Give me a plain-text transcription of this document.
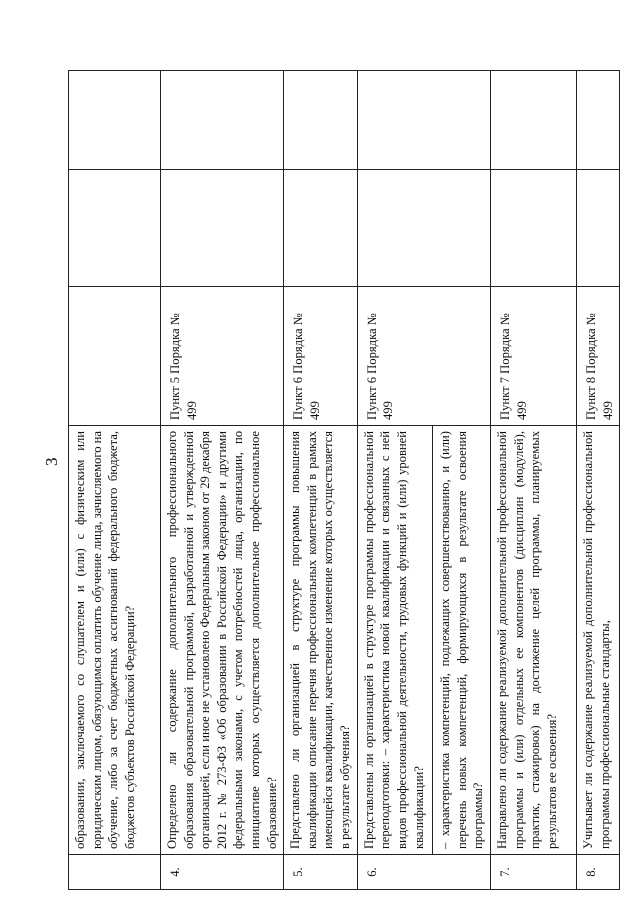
3
	образовании, заключаемого со слушателем и (или) с физическим или юридическим лицом, обязующимся оплатить обучение лица, зачисляемого на обучение, либо за счет бюджетных ассигнований федерального бюджета, бюджетов субъектов Российской Федерации?			
4.	Определено ли содержание дополнительного профессионального образования образовательной программой, разработанной и утвержденной организацией, если иное не установлено Федеральным законом от 29 декабря 2012 г. № 273-ФЗ «Об образовании в Российской Федерации» и другими федеральными законами, с учетом потребностей лица, организации, по инициативе которых осуществляется дополнительное профессиональное образование?	Пункт 5 Порядка № 499		
5.	Представлено ли организацией в структуре программы повышения квалификации описание перечня профессиональных компетенций в рамках имеющейся квалификации, качественное изменение которых осуществляется в результате обучения?	Пункт 6 Порядка № 499		
6.	Представлены ли организацией в структуре программы профессиональной переподготовки: – характеристика новой квалификации и связанных с ней видов профессиональной деятельности, трудовых функций и (или) уровней квалификации? – характеристика компетенций, подлежащих совершенствованию, и (или) перечень новых компетенций, формирующихся в результате освоения программы?	Пункт 6 Порядка № 499		
7.	Направлено ли содержание реализуемой дополнительной профессиональной программы и (или) отдельных ее компонентов (дисциплин (модулей), практик, стажировок) на достижение целей программы, планируемых результатов ее освоения?	Пункт 7 Порядка № 499		
8.	Учитывает ли содержание реализуемой дополнительной профессиональной программы профессиональные стандарты,	Пункт 8 Порядка № 499		
